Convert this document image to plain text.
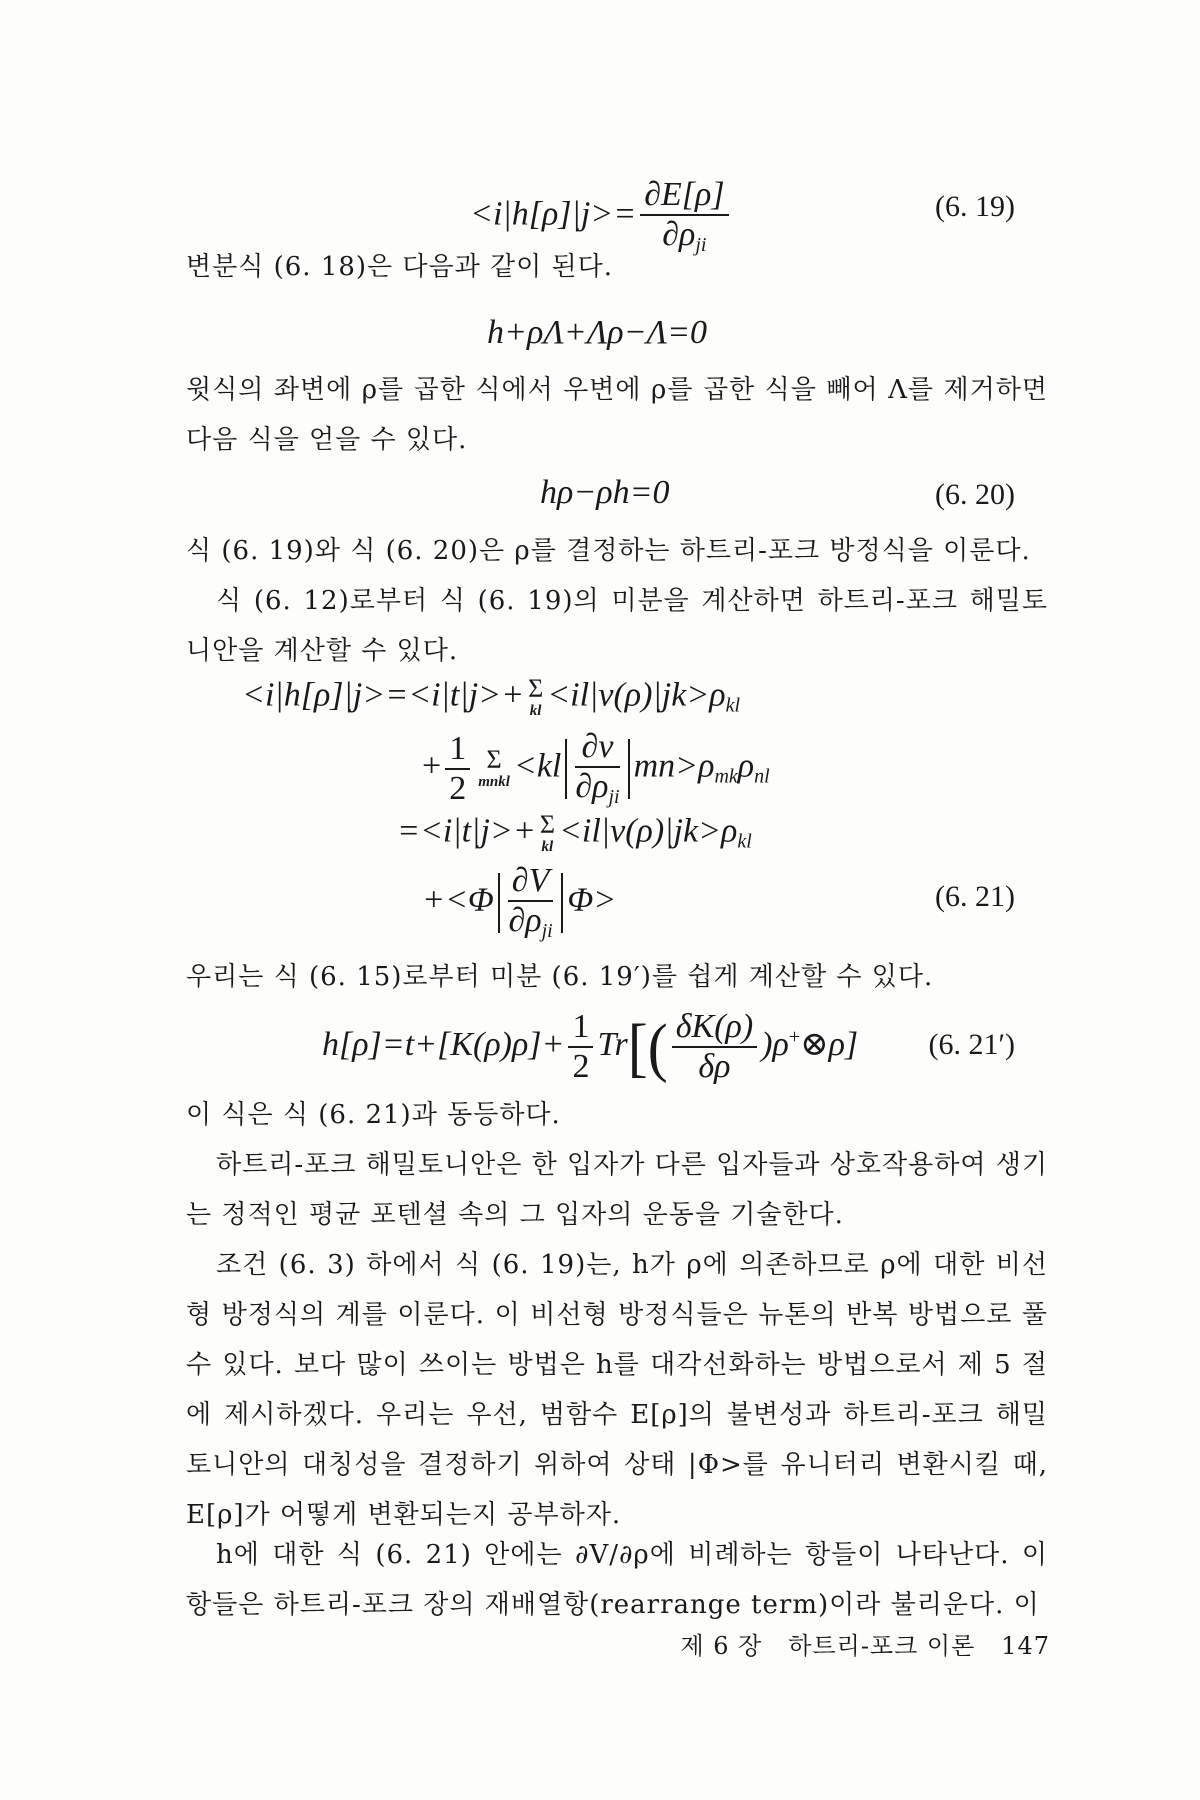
$<i|h[\rho]|j>= \frac{\partial E[\rho]}{\partial\rho_{ji}}$	(6. 19)
변분식 (6. 18)은 다음과 같이 된다.
h+ρΛ+Λρ−Λ=0
윗식의 좌변에 ρ를 곱한 식에서 우변에 ρ를 곱한 식을 빼어 Λ를 제거하면 다음 식을 얻을 수 있다.
hρ−ρh=0	(6. 20)
식 (6. 19)와 식 (6. 20)은 ρ를 결정하는 하트리-포크 방정식을 이룬다.
식 (6. 12)로부터 식 (6. 19)의 미분을 계산하면 하트리-포크 해밀토니안을 계산할 수 있다.
<i|h[ρ]|j>=<i|t|j>+ Σ
kl $<il|v(\rho)|jk>\rho_{kl}$
+ $\frac{1}{2}$ Σ
mnkl $<kl \frac{\partial v}{\partial\rho_{ji}} mn>\rho_{mk}\rho_{nl}$
=<i|t|j>+ Σ
kl $<il|v(\rho)|jk>\rho_{kl}$
$+<\Phi \frac{\partial V}{\partial\rho_{ji}} \Phi>$	(6. 21)
우리는 식 (6. 15)로부터 미분 (6. 19′)를 쉽게 계산할 수 있다.
$h[\rho]=t+[K(\rho)\rho]+ \frac{1}{2} Tr[( \frac{\delta K(\rho)}{\delta\rho}$ )ρ+⊗ρ] (6. 21′)
이 식은 식 (6. 21)과 동등하다.
하트리-포크 해밀토니안은 한 입자가 다른 입자들과 상호작용하여 생기는 정적인 평균 포텐셜 속의 그 입자의 운동을 기술한다.
조건 (6. 3) 하에서 식 (6. 19)는, h가 ρ에 의존하므로 ρ에 대한 비선형 방정식의 계를 이룬다. 이 비선형 방정식들은 뉴톤의 반복 방법으로 풀 수 있다. 보다 많이 쓰이는 방법은 h를 대각선화하는 방법으로서 제 5 절에 제시하겠다. 우리는 우선, 범함수 E[ρ]의 불변성과 하트리-포크 해밀토니안의 대칭성을 결정하기 위하여 상태 |Φ>를 유니터리 변환시킬 때, E[ρ]가 어떻게 변환되는지 공부하자.
h에 대한 식 (6. 21) 안에는 ∂V/∂ρ에 비례하는 항들이 나타난다. 이 항들은 하트리-포크 장의 재배열항(rearrange term)이라 불리운다. 이
제 6 장 하트리-포크 이론 147
